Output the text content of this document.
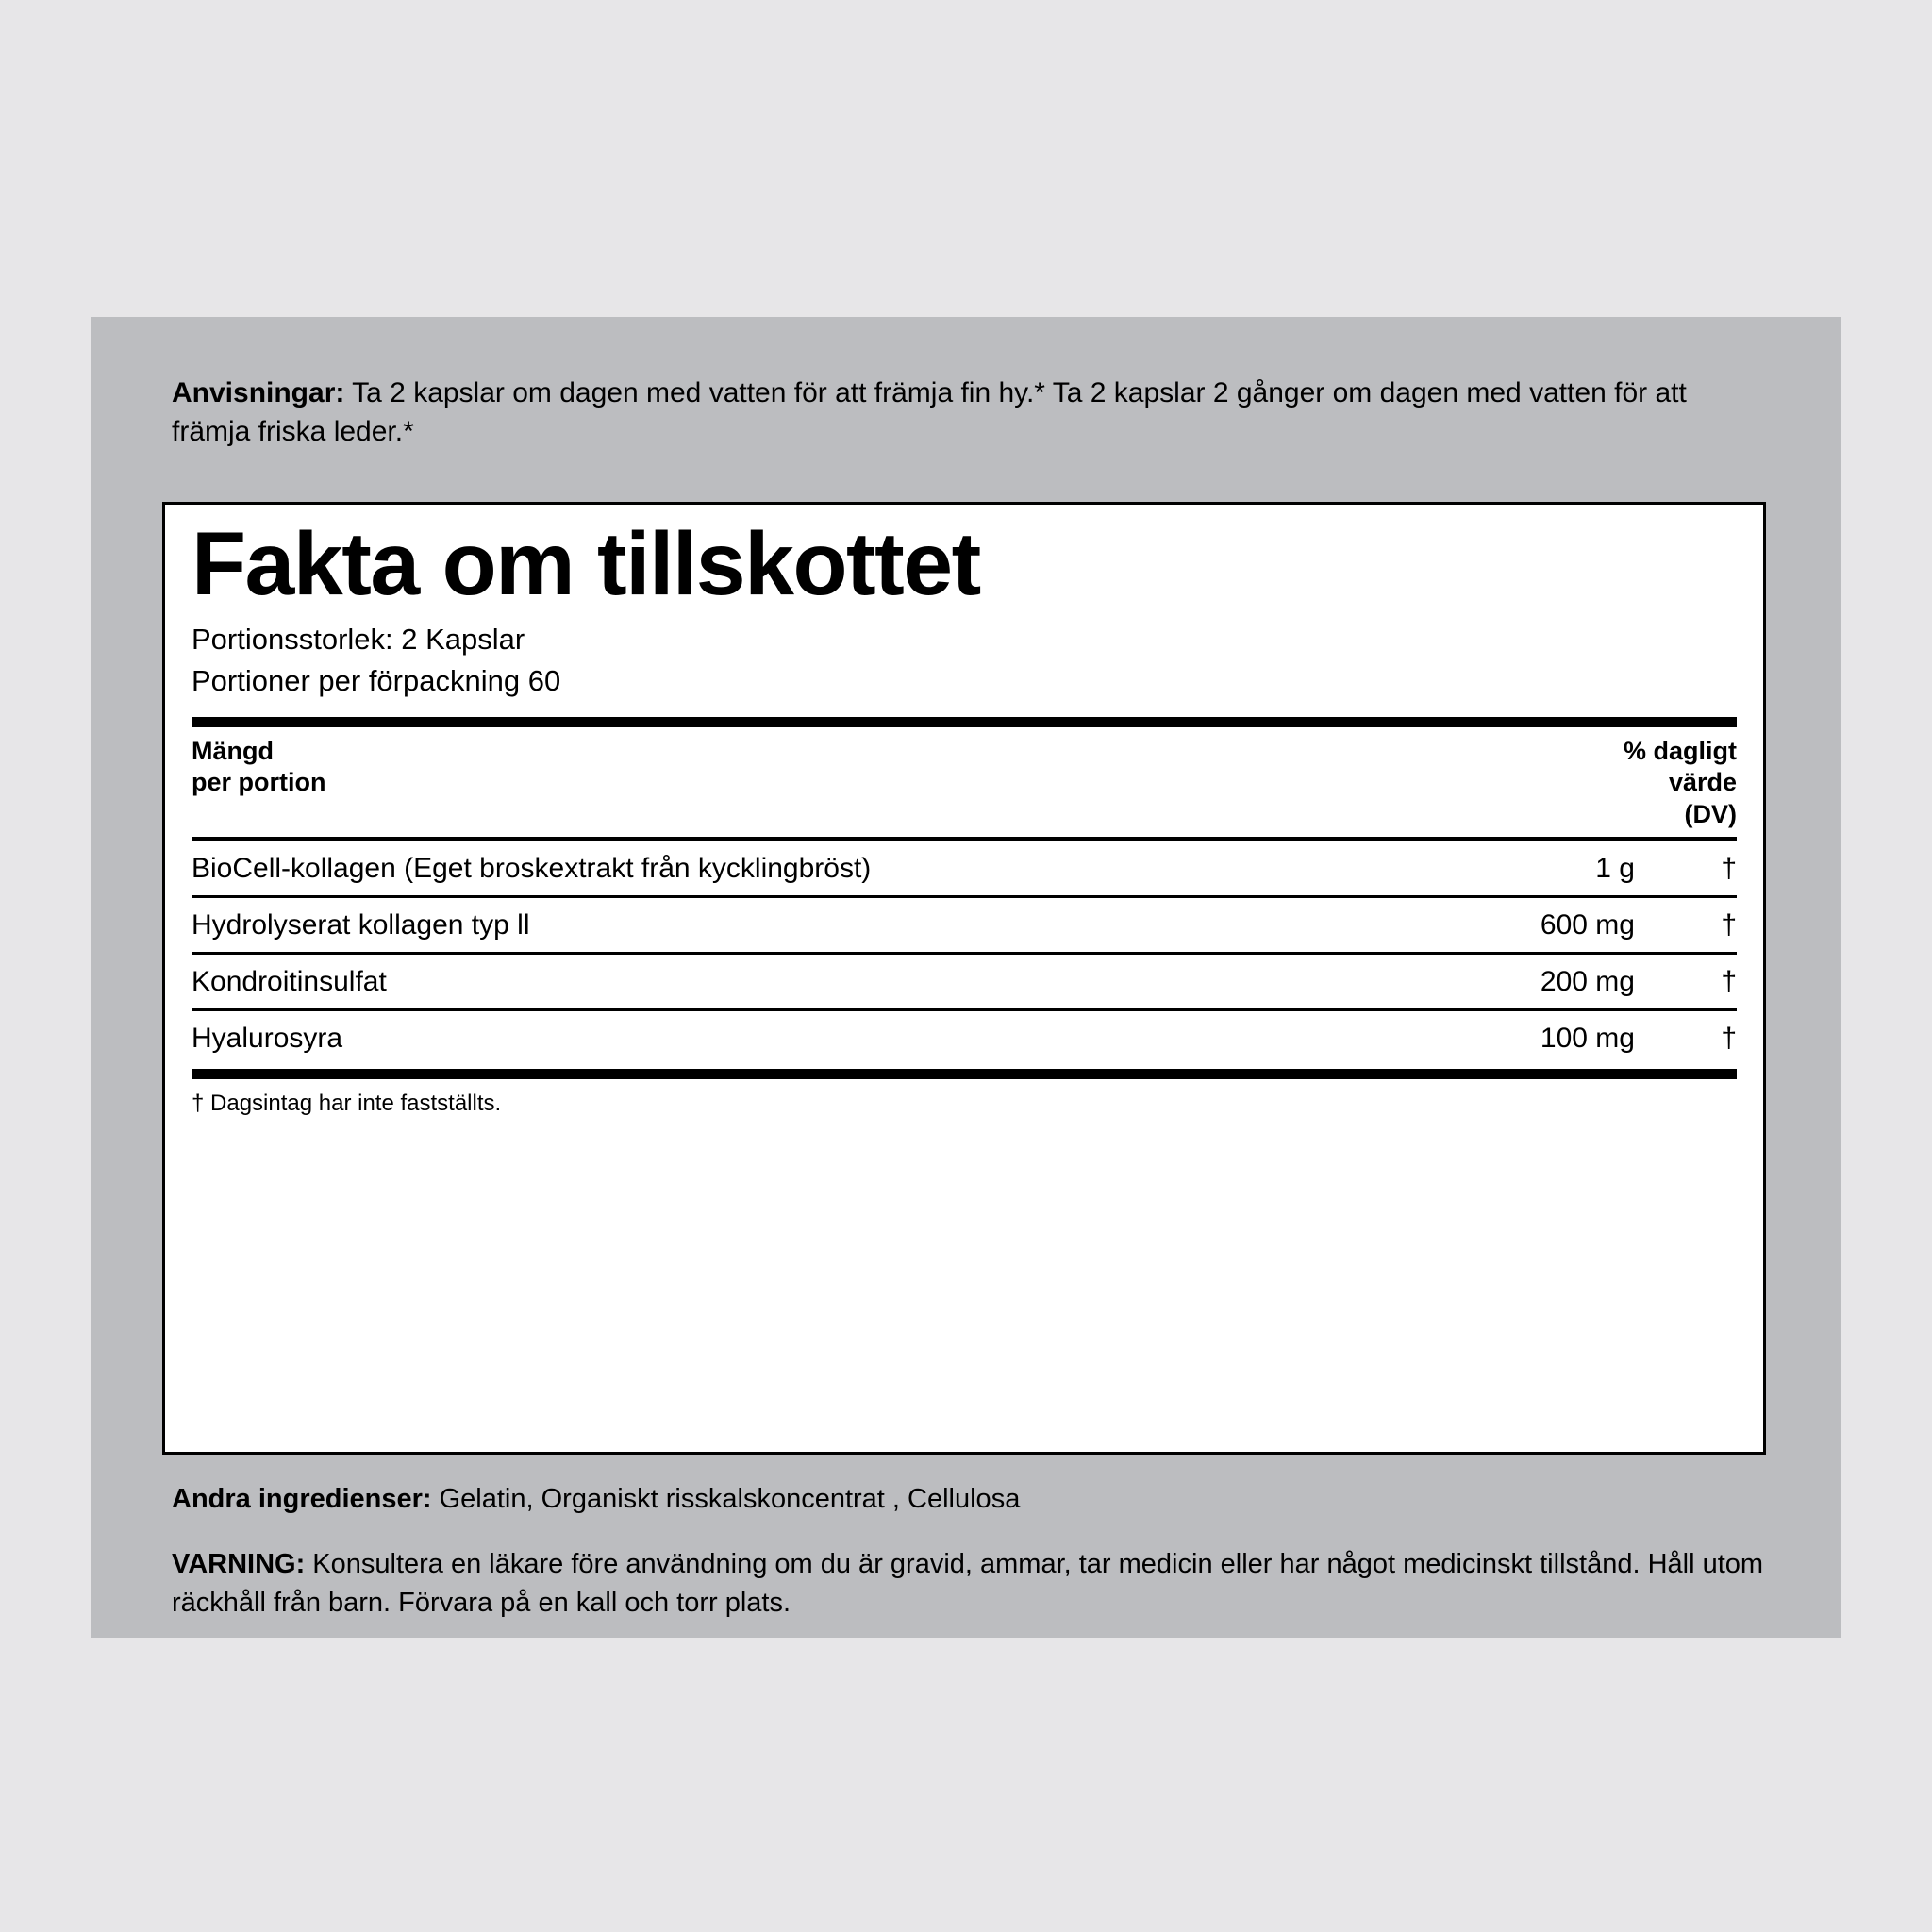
Anvisningar: Ta 2 kapslar om dagen med vatten för att främja fin hy.* Ta 2 kapslar 2 gånger om dagen med vatten för att främja friska leder.*
Fakta om tillskottet
Portionsstorlek: 2 Kapslar
Portioner per förpackning 60
Mängd
per portion
% dagligt
värde
(DV)
BioCell-kollagen (Eget broskextrakt från kycklingbröst)	1 g	†
Hydrolyserat kollagen typ ll	600 mg	†
Kondroitinsulfat	200 mg	†
Hyalurosyra	100 mg	†
† Dagsintag har inte fastställts.
Andra ingredienser: Gelatin, Organiskt risskalskoncentrat , Cellulosa
VARNING: Konsultera en läkare före användning om du är gravid, ammar, tar medicin eller har något medicinskt tillstånd. Håll utom räckhåll från barn. Förvara på en kall och torr plats.
